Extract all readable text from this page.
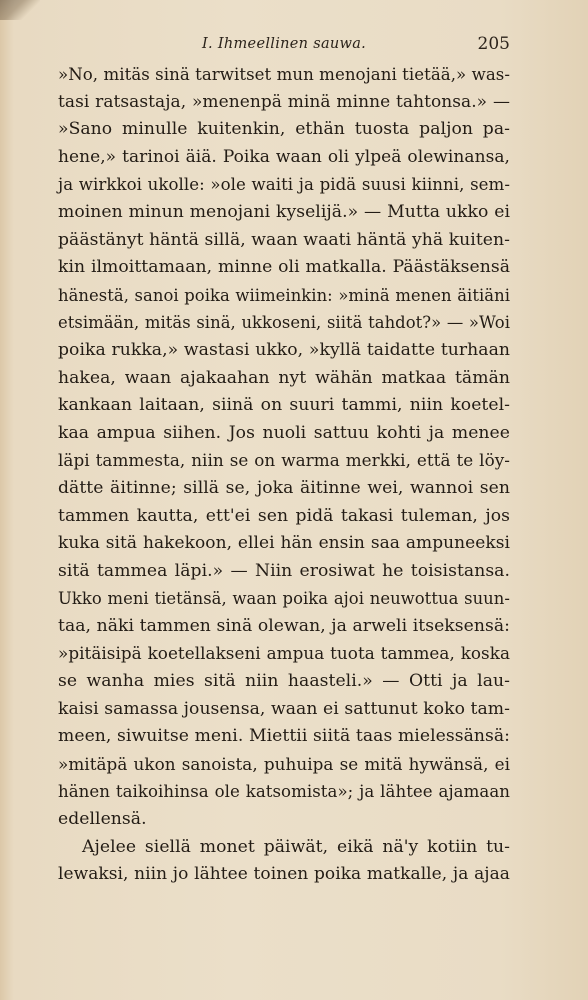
I. Ihmeellinen sauwa.	205
»No, mitäs sinä tarwitset mun menojani tietää,» was-
tasi ratsastaja, »menenpä minä minne tahtonsa.» —
»Sano minulle kuitenkin, ethän tuosta paljon pa-
hene,» tarinoi äiä. Poika waan oli ylpeä olewinansa,
ja wirkkoi ukolle: »ole waiti ja pidä suusi kiinni, sem-
moinen minun menojani kyselijä.» — Mutta ukko ei
päästänyt häntä sillä, waan waati häntä yhä kuiten-
kin ilmoittamaan, minne oli matkalla. Päästäksensä
hänestä, sanoi poika wiimeinkin: »minä menen äitiäni
etsimään, mitäs sinä, ukkoseni, siitä tahdot?» — »Woi
poika rukka,» wastasi ukko, »kyllä taidatte turhaan
hakea, waan ajakaahan nyt wähän matkaa tämän
kankaan laitaan, siinä on suuri tammi, niin koetel-
kaa ampua siihen. Jos nuoli sattuu kohti ja menee
läpi tammesta, niin se on warma merkki, että te löy-
dätte äitinne; sillä se, joka äitinne wei, wannoi sen
tammen kautta, ett'ei sen pidä takasi tuleman, jos
kuka sitä hakekoon, ellei hän ensin saa ampuneeksi
sitä tammea läpi.» — Niin erosiwat he toisistansa.
Ukko meni tietänsä, waan poika ajoi neuwottua suun-
taa, näki tammen sinä olewan, ja arweli itseksensä:
»pitäisipä koetellakseni ampua tuota tammea, koska
se wanha mies sitä niin haasteli.» — Otti ja lau-
kaisi samassa jousensa, waan ei sattunut koko tam-
meen, siwuitse meni. Miettii siitä taas mielessänsä:
»mitäpä ukon sanoista, puhuipa se mitä hywänsä, ei
hänen taikoihinsa ole katsomista»; ja lähtee ajamaan
edellensä.
Ajelee siellä monet päiwät, eikä nä'y kotiin tu-
lewaksi, niin jo lähtee toinen poika matkalle, ja ajaa
